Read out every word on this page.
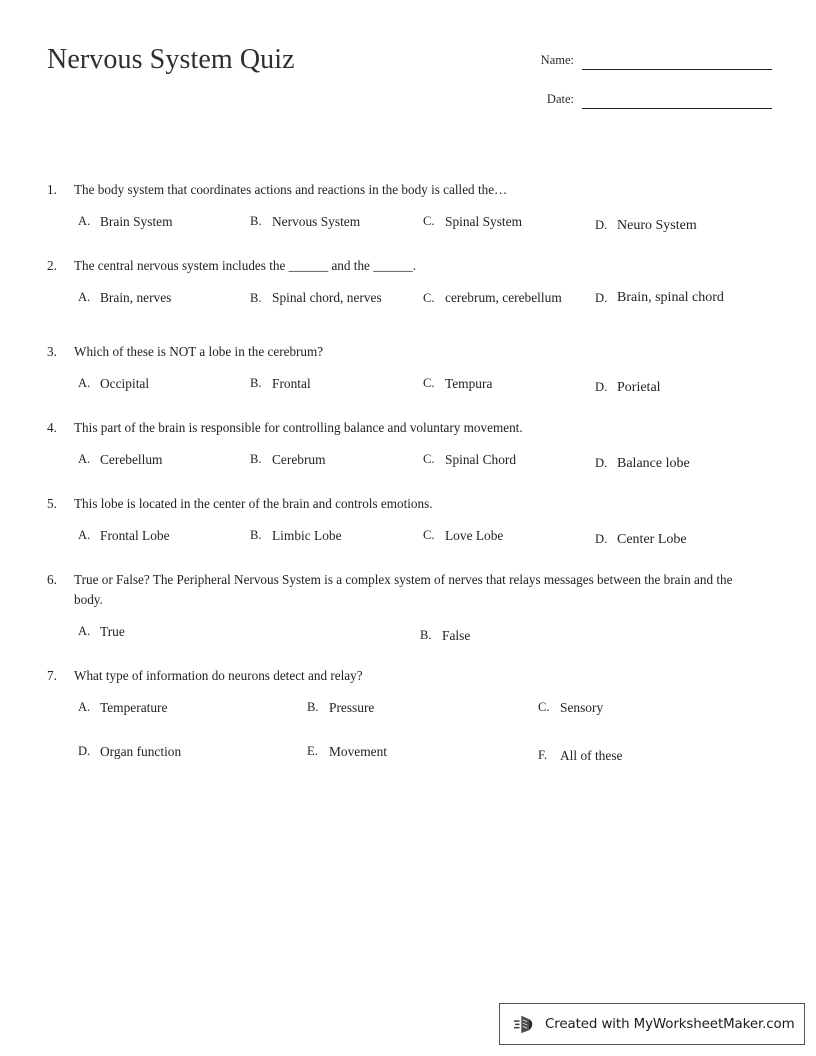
Nervous System Quiz	Name:
Date:
1.	The body system that coordinates actions and reactions in the body is called the…
A. Brain System	B. Nervous System	C. Spinal System	D. Neuro System
2.	The central nervous system includes the ______ and the ______.
A. Brain, nerves	B. Spinal chord, nerves	C. cerebrum, cerebellum	D. Brain, spinal chord
3.	Which of these is NOT a lobe in the cerebrum?
A. Occipital	B. Frontal	C. Tempura	D. Porietal
4.	This part of the brain is responsible for controlling balance and voluntary movement.
A. Cerebellum	B. Cerebrum	C. Spinal Chord	D. Balance lobe
5.	This lobe is located in the center of the brain and controls emotions.
A. Frontal Lobe	B. Limbic Lobe	C. Love Lobe	D. Center Lobe
6.	True or False? The Peripheral Nervous System is a complex system of nerves that relays messages between the brain and the body.
A. True	B. False
7.	What type of information do neurons detect and relay?
A. Temperature	B. Pressure	C. Sensory
D. Organ function	E. Movement	F. All of these
Created with MyWorksheetMaker.com
